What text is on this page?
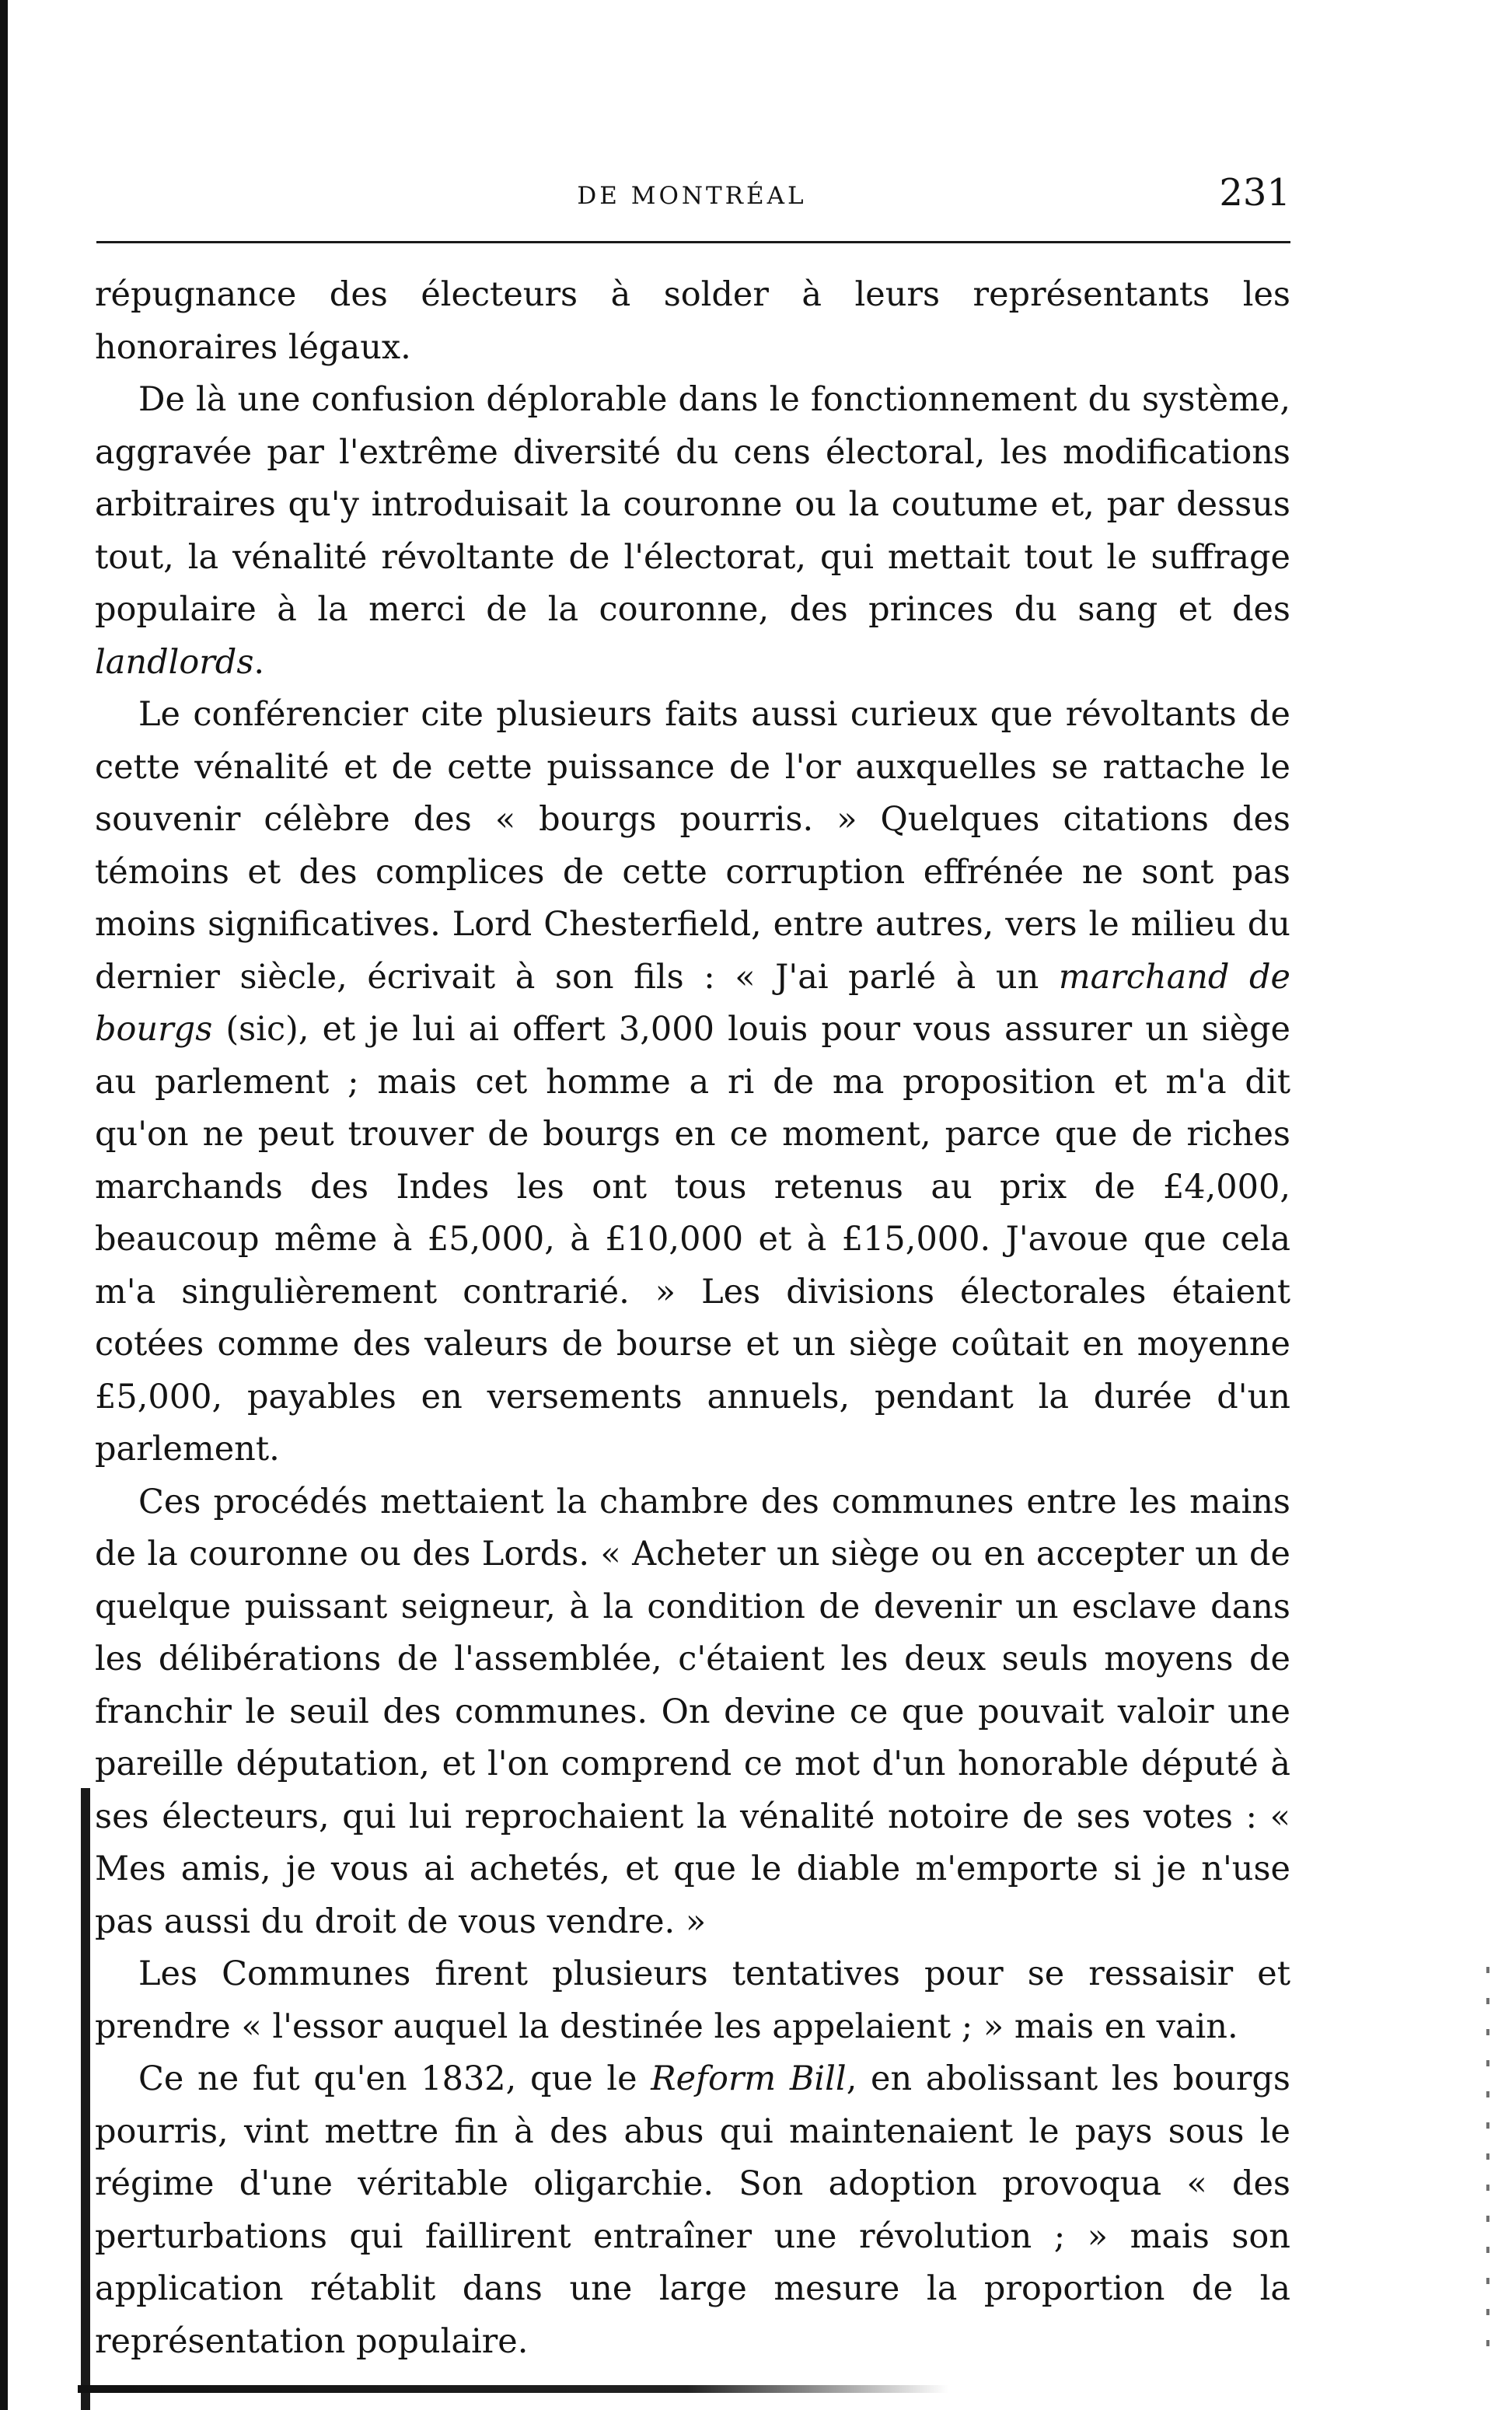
DE MONTRÉAL	231

répugnance des électeurs à solder à leurs représentants les honoraires légaux.

De là une confusion déplorable dans le fonctionnement du système, aggravée par l'extrême diversité du cens électoral, les modifications arbitraires qu'y introduisait la couronne ou la coutume et, par dessus tout, la vénalité révoltante de l'électorat, qui mettait tout le suffrage populaire à la merci de la couronne, des princes du sang et des landlords.

Le conférencier cite plusieurs faits aussi curieux que révoltants de cette vénalité et de cette puissance de l'or auxquelles se rattache le souvenir célèbre des « bourgs pourris. » Quelques citations des témoins et des complices de cette corruption effrénée ne sont pas moins significatives. Lord Chesterfield, entre autres, vers le milieu du dernier siècle, écrivait à son fils : « J'ai parlé à un marchand de bourgs (sic), et je lui ai offert 3,000 louis pour vous assurer un siège au parlement ; mais cet homme a ri de ma proposition et m'a dit qu'on ne peut trouver de bourgs en ce moment, parce que de riches marchands des Indes les ont tous retenus au prix de £4,000, beaucoup même à £5,000, à £10,000 et à £15,000. J'avoue que cela m'a singulièrement contrarié. » Les divisions électorales étaient cotées comme des valeurs de bourse et un siège coûtait en moyenne £5,000, payables en versements annuels, pendant la durée d'un parlement.

Ces procédés mettaient la chambre des communes entre les mains de la couronne ou des Lords. « Acheter un siège ou en accepter un de quelque puissant seigneur, à la condition de devenir un esclave dans les délibérations de l'assemblée, c'étaient les deux seuls moyens de franchir le seuil des communes. On devine ce que pouvait valoir une pareille députation, et l'on comprend ce mot d'un honorable député à ses électeurs, qui lui reprochaient la vénalité notoire de ses votes : « Mes amis, je vous ai achetés, et que le diable m'emporte si je n'use pas aussi du droit de vous vendre. »

Les Communes firent plusieurs tentatives pour se ressaisir et prendre « l'essor auquel la destinée les appelaient ; » mais en vain.

Ce ne fut qu'en 1832, que le Reform Bill, en abolissant les bourgs pourris, vint mettre fin à des abus qui maintenaient le pays sous le régime d'une véritable oligarchie. Son adoption provoqua « des perturbations qui faillirent entraîner une révolution ; » mais son application rétablit dans une large mesure la proportion de la représentation populaire.
